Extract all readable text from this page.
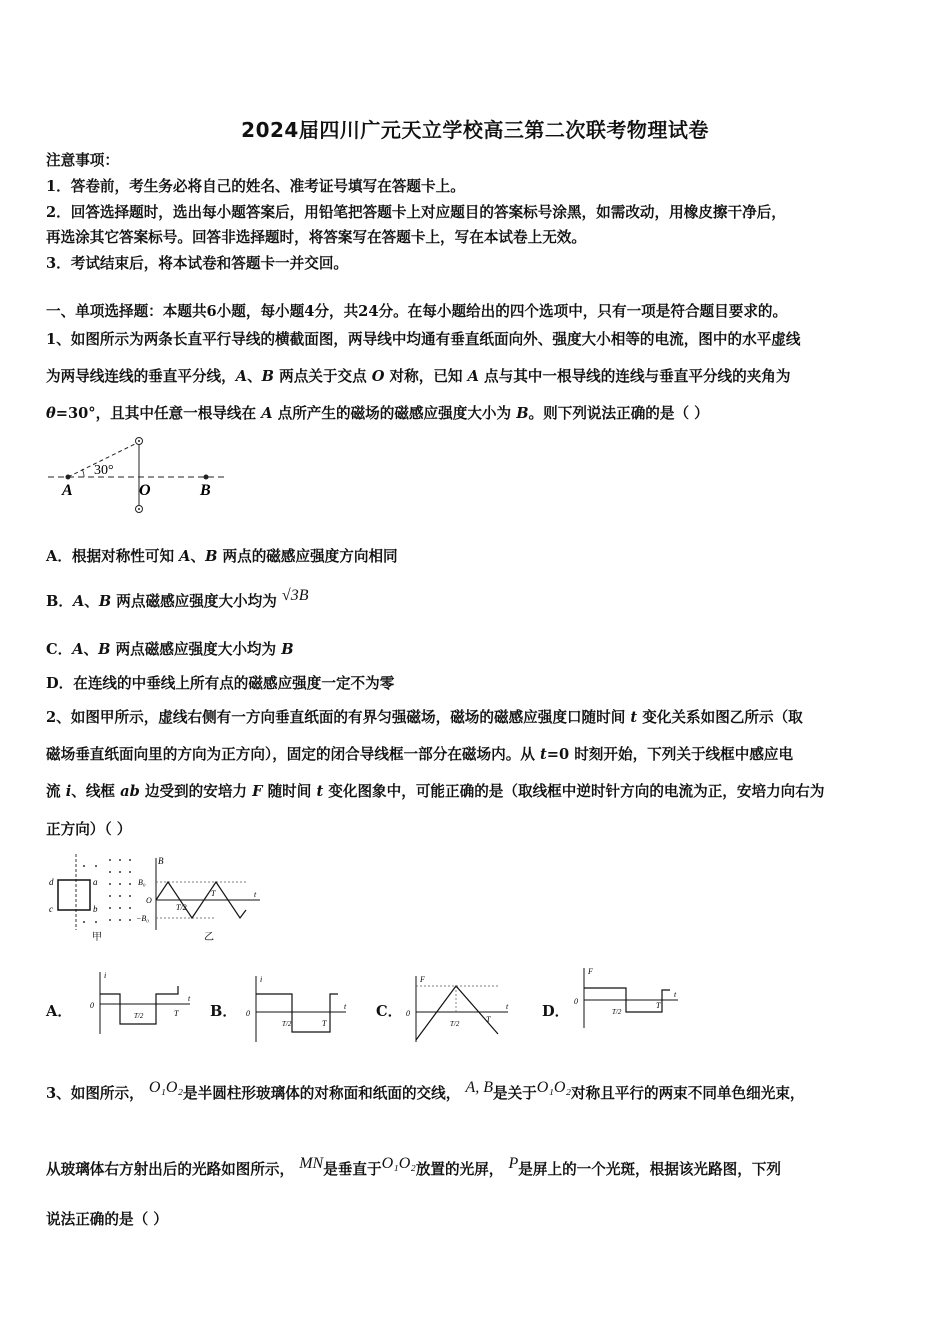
2024届四川广元天立学校高三第二次联考物理试卷
注意事项：
1．答卷前，考生务必将自己的姓名、准考证号填写在答题卡上。
2．回答选择题时，选出每小题答案后，用铅笔把答题卡上对应题目的答案标号涂黑，如需改动，用橡皮擦干净后，
再选涂其它答案标号。回答非选择题时，将答案写在答题卡上，写在本试卷上无效。
3．考试结束后，将本试卷和答题卡一并交回。
一、单项选择题：本题共6小题，每小题4分，共24分。在每小题给出的四个选项中，只有一项是符合题目要求的。
1、如图所示为两条长直平行导线的横截面图，两导线中均通有垂直纸面向外、强度大小相等的电流，图中的水平虚线
为两导线连线的垂直平分线，A、B 两点关于交点 O 对称，已知 A 点与其中一根导线的连线与垂直平分线的夹角为
θ=30°，且其中任意一根导线在 A 点所产生的磁场的磁感应强度大小为 B。则下列说法正确的是（ ）
30°
A	O	B
A．根据对称性可知 A、B 两点的磁感应强度方向相同
B．A、B 两点磁感应强度大小均为 √3B
C．A、B 两点磁感应强度大小均为 B
D．在连线的中垂线上所有点的磁感应强度一定不为零
2、如图甲所示，虚线右侧有一方向垂直纸面的有界匀强磁场，磁场的磁感应强度口随时间 t 变化关系如图乙所示（取
磁场垂直纸面向里的方向为正方向），固定的闭合导线框一部分在磁场内。从 t=0 时刻开始，下列关于线框中感应电
流 i、线框 ab 边受到的安培力 F 随时间 t 变化图象中，可能正确的是（取线框中逆时针方向的电流为正，安培力向右为
正方向）（ ）
d
c
a
b
甲
B
B₀
O
−B₀
T
T/2
t
乙
A．
i
0
T/2	T
t
B．
i
0
T/2	T
t C．
F
0
T/2	T
t D．
F
0
T/2
T
t
3、如图所示， O₁O₂是半圆柱形玻璃体的对称面和纸面的交线， A, B是关于O₁O₂对称且平行的两束不同单色细光束，
从玻璃体右方射出后的光路如图所示， MN是垂直于O₁O₂放置的光屏， P是屏上的一个光斑，根据该光路图，下列
说法正确的是（ ）
